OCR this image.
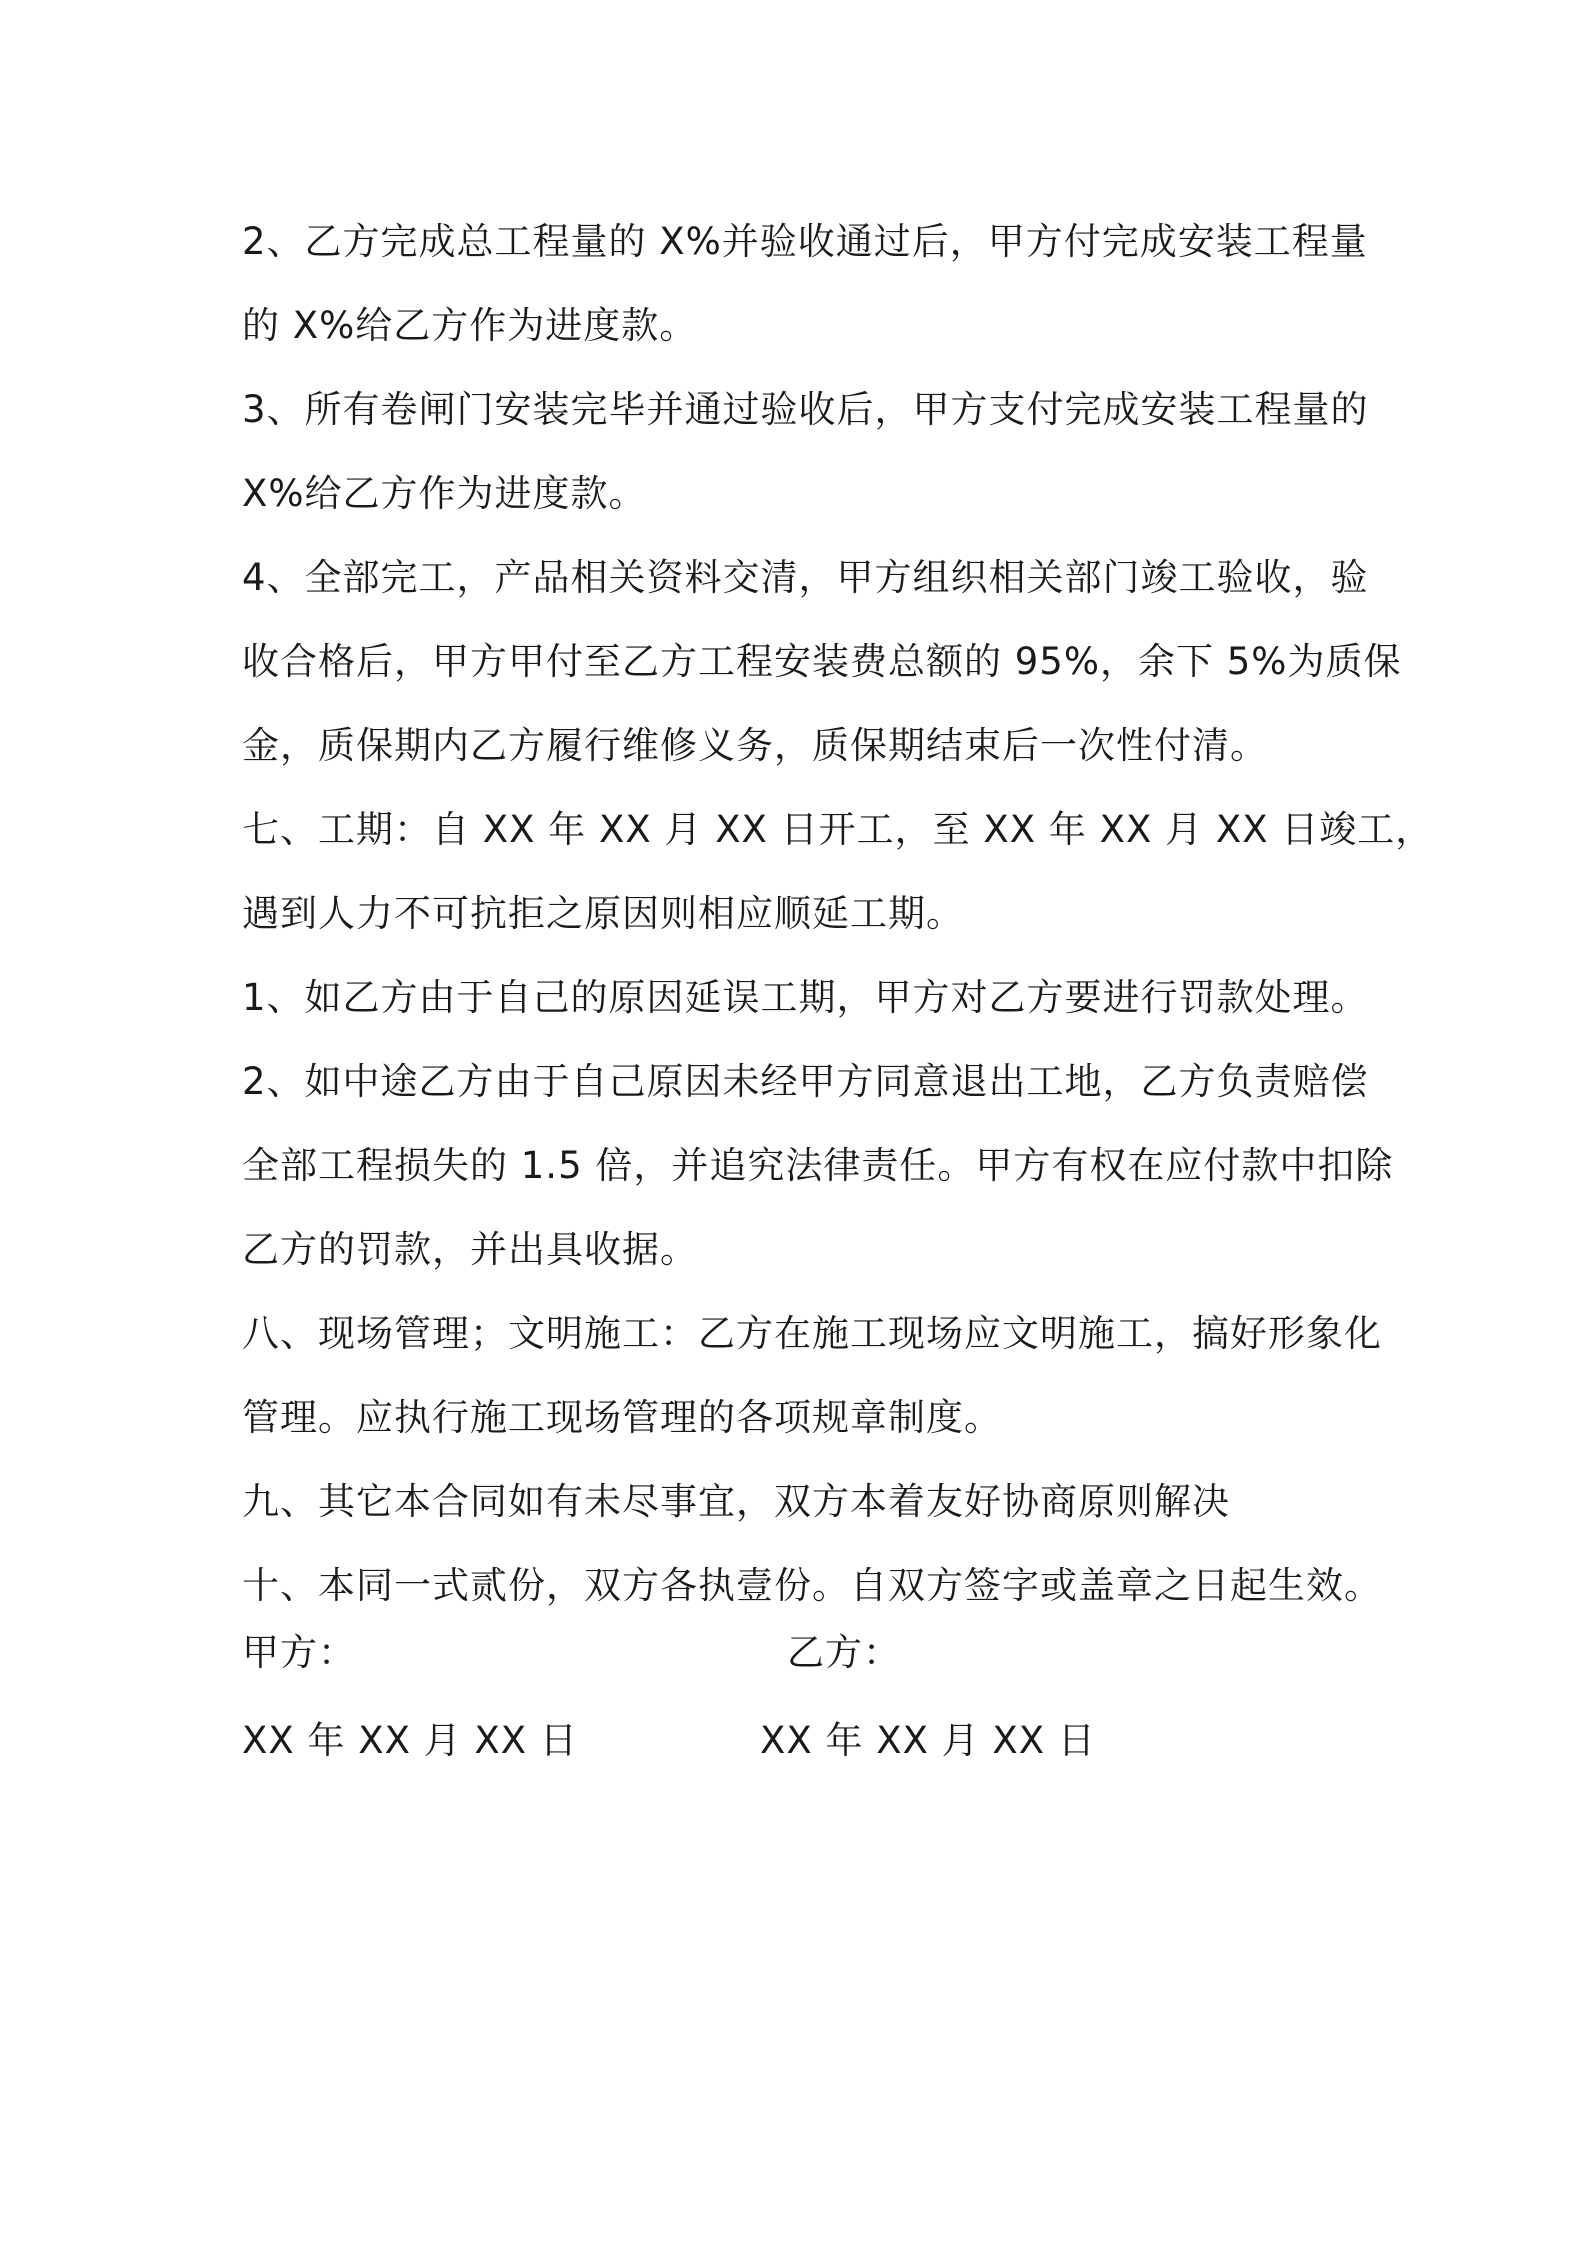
2、乙方完成总工程量的 X%并验收通过后，甲方付完成安装工程量
的 X%给乙方作为进度款。

3、所有卷闸门安装完毕并通过验收后，甲方支付完成安装工程量的
X%给乙方作为进度款。

4、全部完工，产品相关资料交清，甲方组织相关部门竣工验收，验
收合格后，甲方甲付至乙方工程安装费总额的 95%，余下 5%为质保
金，质保期内乙方履行维修义务，质保期结束后一次性付清。

七、工期：自 XX 年 XX 月 XX 日开工，至 XX 年 XX 月 XX 日竣工，
遇到人力不可抗拒之原因则相应顺延工期。

1、如乙方由于自己的原因延误工期，甲方对乙方要进行罚款处理。

2、如中途乙方由于自己原因未经甲方同意退出工地，乙方负责赔偿
全部工程损失的 1.5 倍，并追究法律责任。甲方有权在应付款中扣除
乙方的罚款，并出具收据。

八、现场管理；文明施工：乙方在施工现场应文明施工，搞好形象化
管理。应执行施工现场管理的各项规章制度。

九、其它本合同如有未尽事宜，双方本着友好协商原则解决

十、本同一式贰份，双方各执壹份。自双方签字或盖章之日起生效。

甲方：	乙方：
XX 年 XX 月 XX 日	XX 年 XX 月 XX 日
